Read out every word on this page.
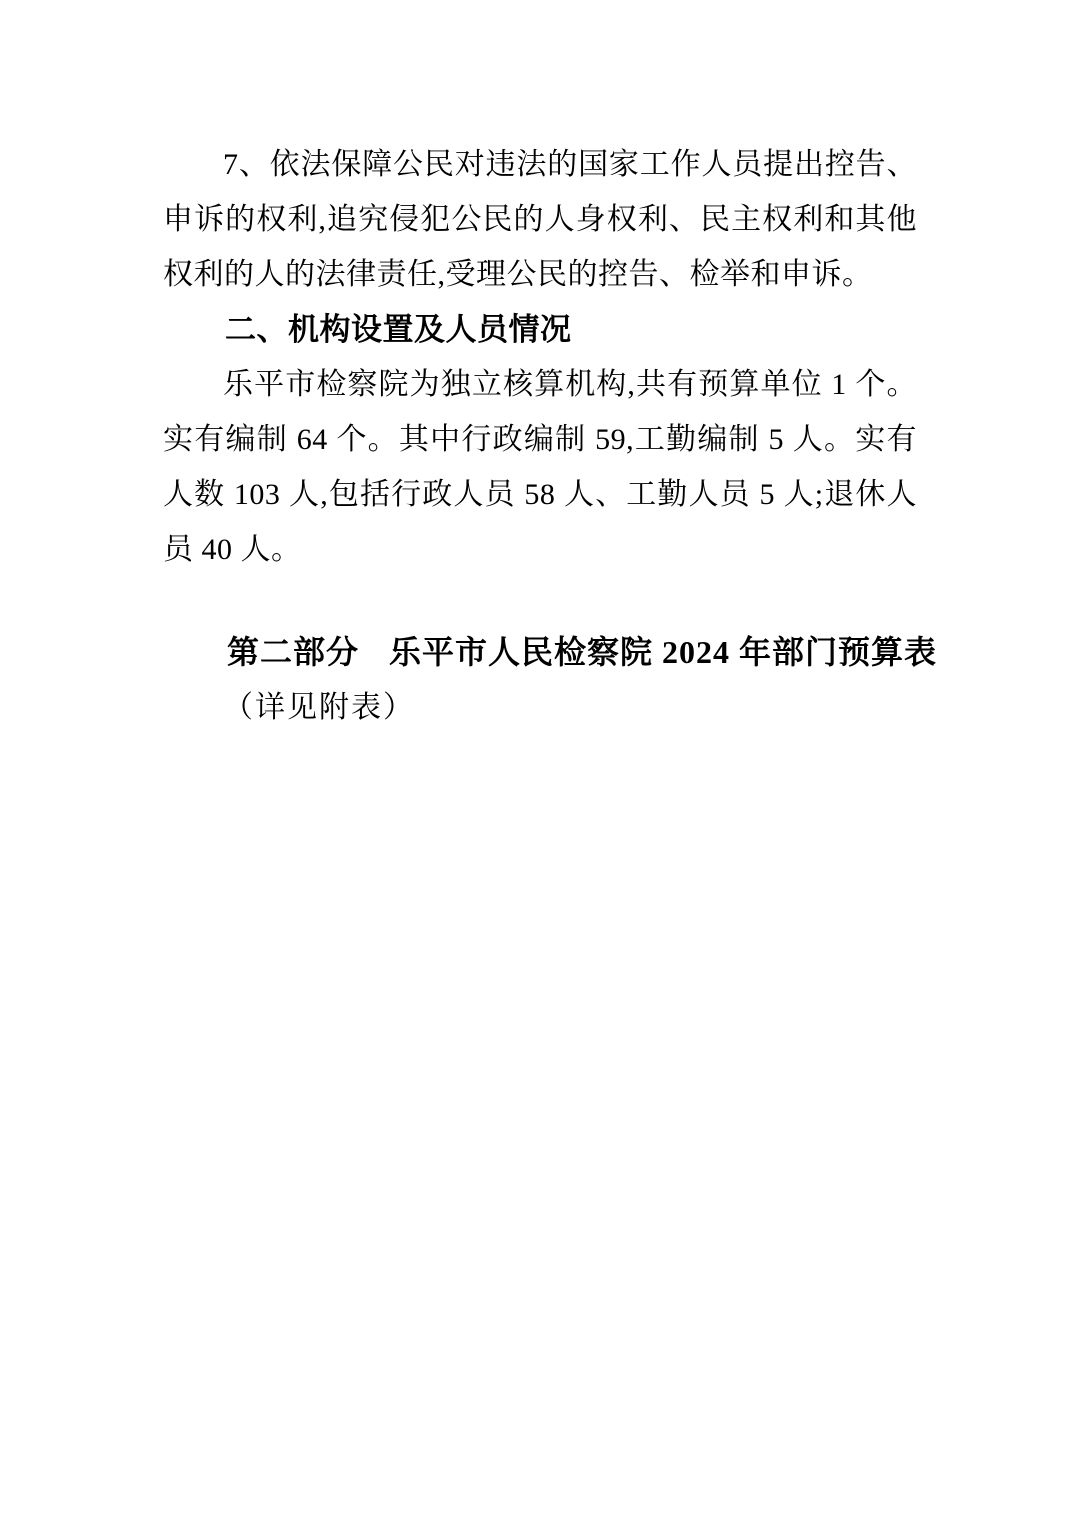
7、依法保障公民对违法的国家工作人员提出控告、申诉的权利,追究侵犯公民的人身权利、民主权利和其他权利的人的法律责任,受理公民的控告、检举和申诉。

二、机构设置及人员情况

乐平市检察院为独立核算机构,共有预算单位 1 个。实有编制 64 个。其中行政编制 59,工勤编制 5 人。实有人数 103 人,包括行政人员 58 人、工勤人员 5 人;退休人员 40 人。

第二部分 乐平市人民检察院 2024 年部门预算表

（详见附表）
